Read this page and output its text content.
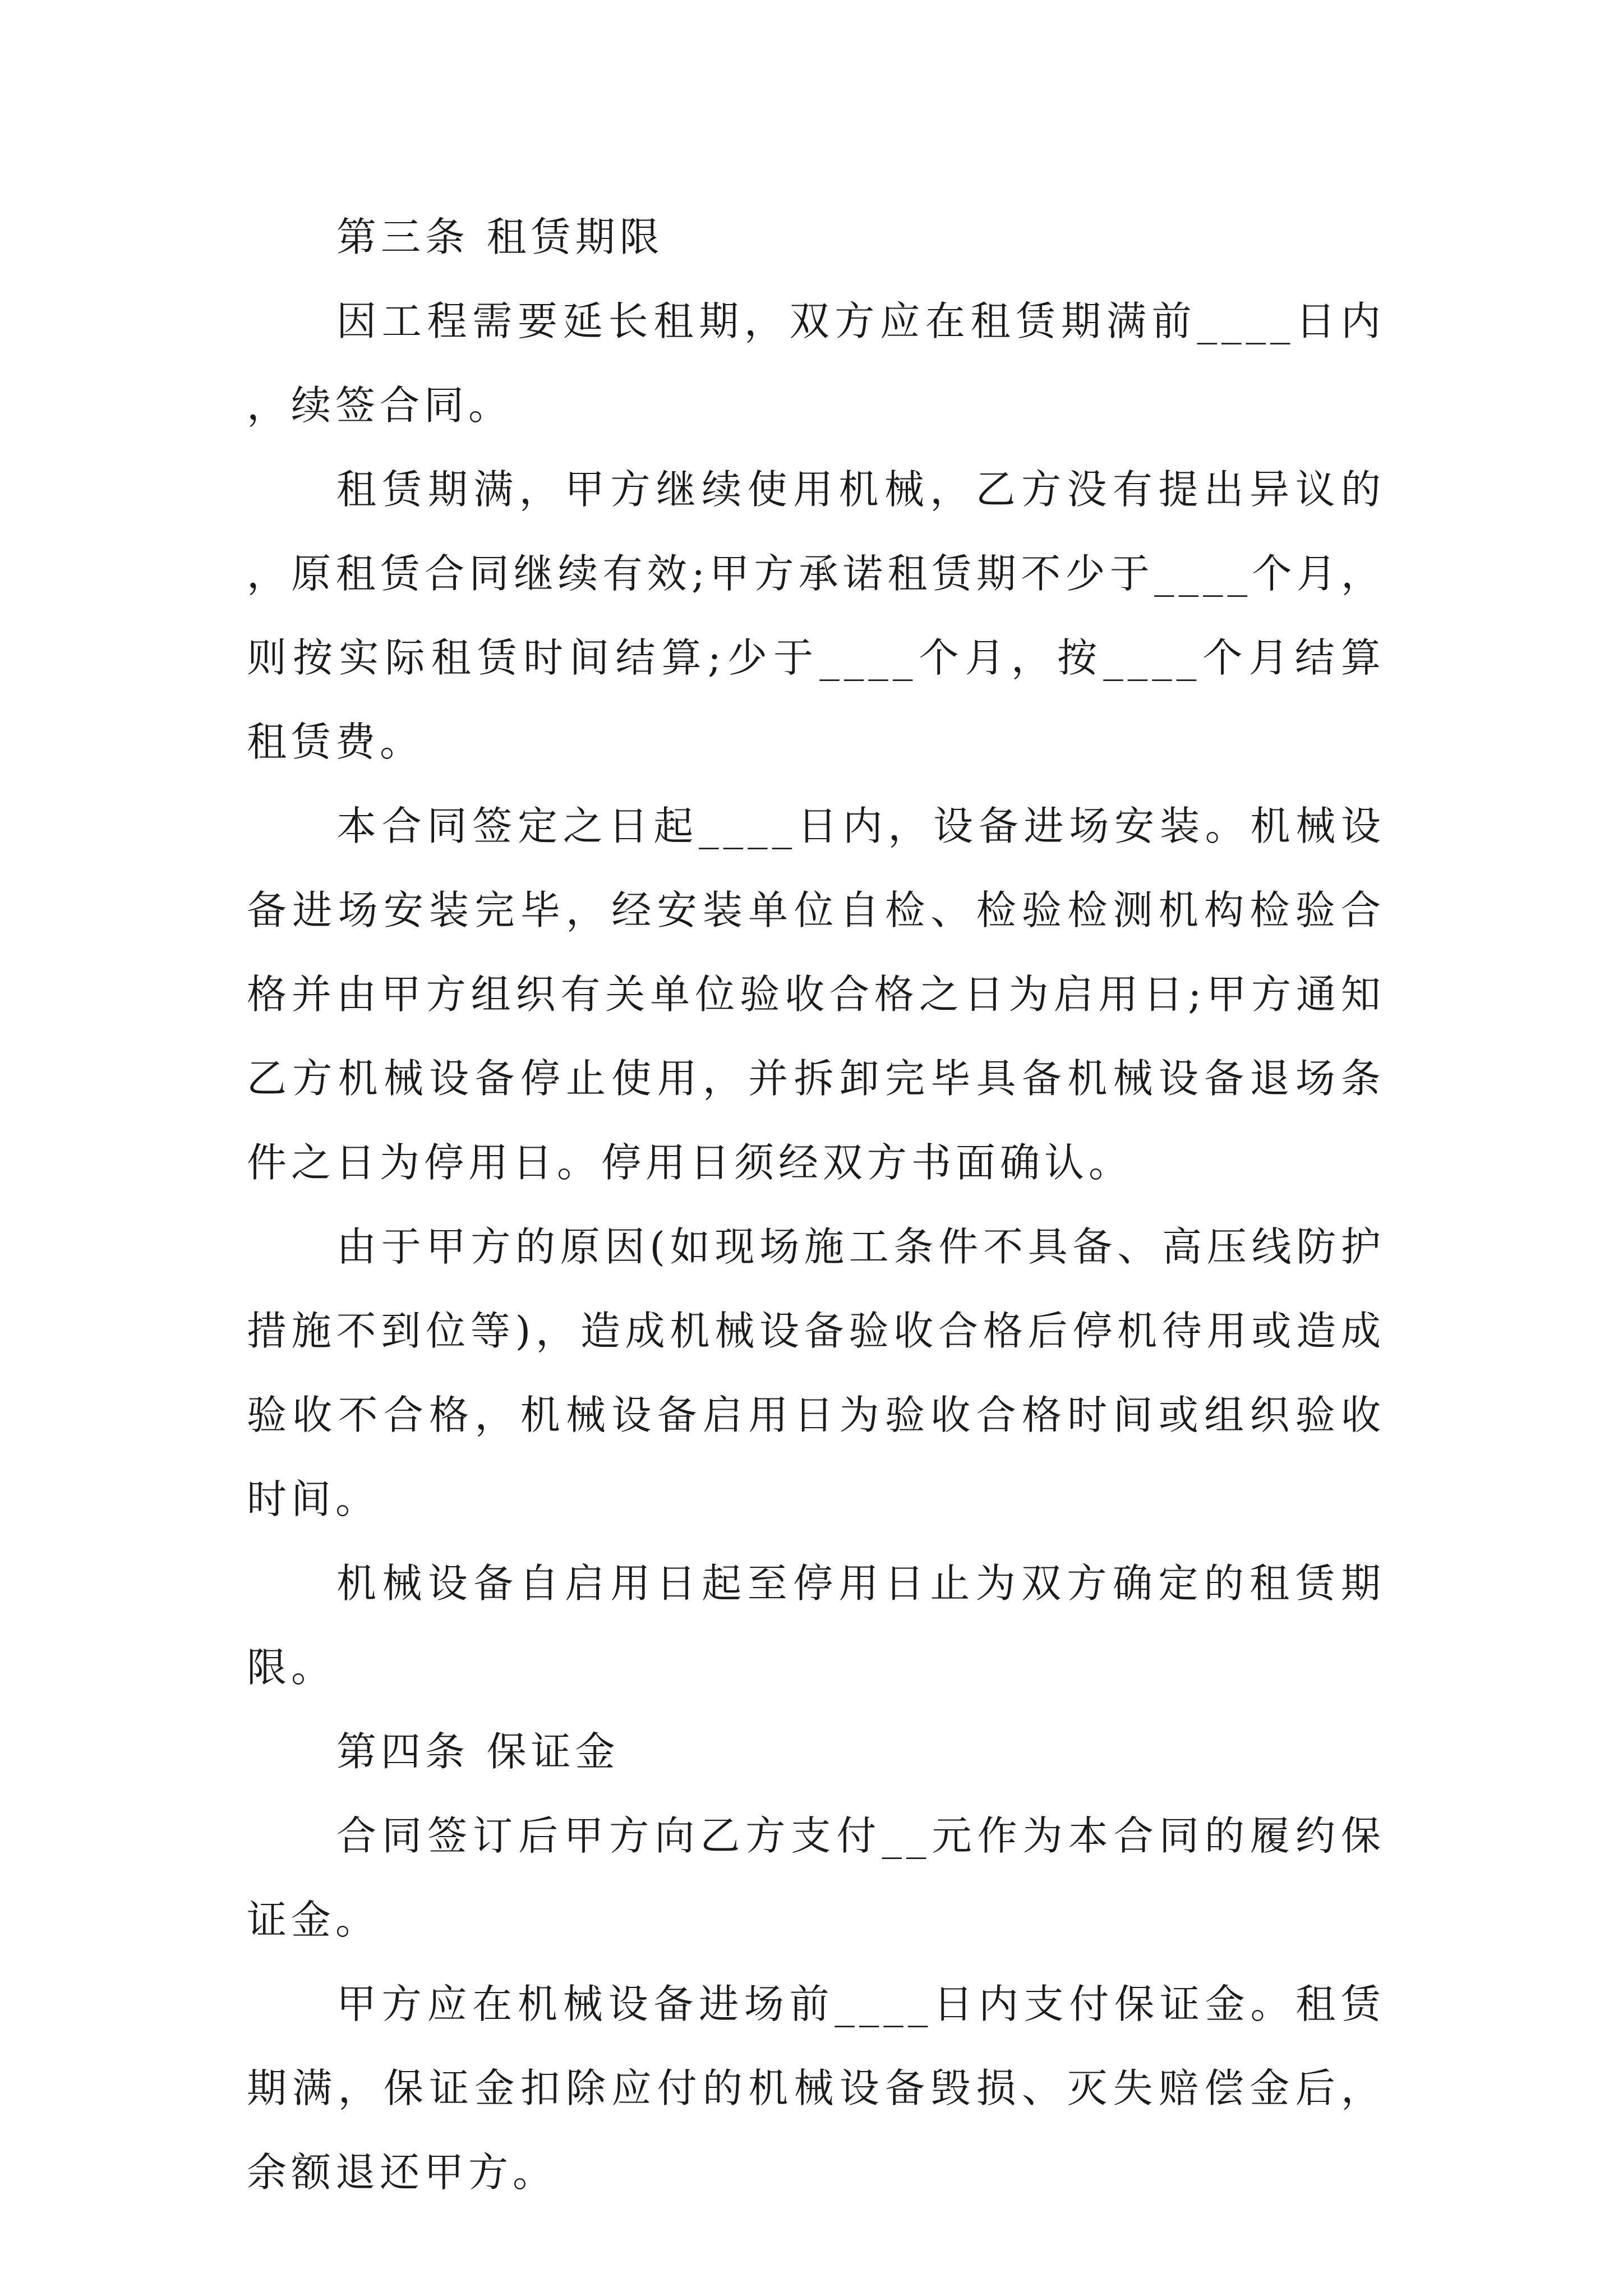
第三条 租赁期限

因工程需要延长租期，双方应在租赁期满前____日内，续签合同。

租赁期满，甲方继续使用机械，乙方没有提出异议的，原租赁合同继续有效;甲方承诺租赁期不少于____个月，则按实际租赁时间结算;少于____个月，按____个月结算租赁费。

本合同签定之日起____日内，设备进场安装。机械设备进场安装完毕，经安装单位自检、检验检测机构检验合格并由甲方组织有关单位验收合格之日为启用日;甲方通知乙方机械设备停止使用，并拆卸完毕具备机械设备退场条件之日为停用日。停用日须经双方书面确认。

由于甲方的原因(如现场施工条件不具备、高压线防护措施不到位等)，造成机械设备验收合格后停机待用或造成验收不合格，机械设备启用日为验收合格时间或组织验收时间。

机械设备自启用日起至停用日止为双方确定的租赁期限。

第四条 保证金

合同签订后甲方向乙方支付__元作为本合同的履约保证金。

甲方应在机械设备进场前____日内支付保证金。租赁期满，保证金扣除应付的机械设备毁损、灭失赔偿金后，余额退还甲方。
